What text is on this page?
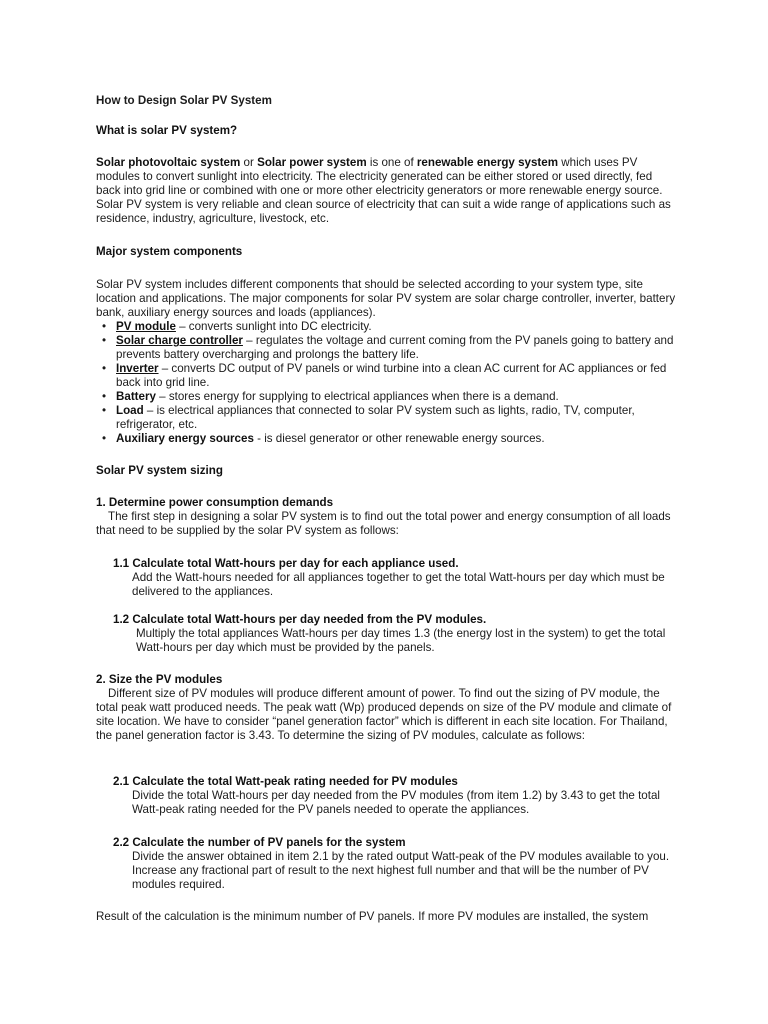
How to Design Solar PV System
What is solar PV system?

Solar photovoltaic system or Solar power system is one of renewable energy system which uses PV modules to convert sunlight into electricity. The electricity generated can be either stored or used directly, fed back into grid line or combined with one or more other electricity generators or more renewable energy source. Solar PV system is very reliable and clean source of electricity that can suit a wide range of applications such as residence, industry, agriculture, livestock, etc.

Major system components

Solar PV system includes different components that should be selected according to your system type, site location and applications. The major components for solar PV system are solar charge controller, inverter, battery bank, auxiliary energy sources and loads (appliances).

• PV module – converts sunlight into DC electricity.
• Solar charge controller – regulates the voltage and current coming from the PV panels going to battery and prevents battery overcharging and prolongs the battery life.
• Inverter – converts DC output of PV panels or wind turbine into a clean AC current for AC appliances or fed back into grid line.
• Battery – stores energy for supplying to electrical appliances when there is a demand.
• Load – is electrical appliances that connected to solar PV system such as lights, radio, TV, computer, refrigerator, etc.
• Auxiliary energy sources - is diesel generator or other renewable energy sources.
Solar PV system sizing
1. Determine power consumption demands

The first step in designing a solar PV system is to find out the total power and energy consumption of all loads that need to be supplied by the solar PV system as follows:

1.1 Calculate total Watt-hours per day for each appliance used.

Add the Watt-hours needed for all appliances together to get the total Watt-hours per day which must be delivered to the appliances.

1.2 Calculate total Watt-hours per day needed from the PV modules.

Multiply the total appliances Watt-hours per day times 1.3 (the energy lost in the system) to get the total Watt-hours per day which must be provided by the panels.

2. Size the PV modules

Different size of PV modules will produce different amount of power. To find out the sizing of PV module, the total peak watt produced needs. The peak watt (Wp) produced depends on size of the PV module and climate of site location. We have to consider “panel generation factor” which is different in each site location. For Thailand, the panel generation factor is 3.43. To determine the sizing of PV modules, calculate as follows:

2.1 Calculate the total Watt-peak rating needed for PV modules

Divide the total Watt-hours per day needed from the PV modules (from item 1.2) by 3.43 to get the total Watt-peak rating needed for the PV panels needed to operate the appliances.

2.2 Calculate the number of PV panels for the system

Divide the answer obtained in item 2.1 by the rated output Watt-peak of the PV modules available to you. Increase any fractional part of result to the next highest full number and that will be the number of PV modules required.

Result of the calculation is the minimum number of PV panels. If more PV modules are installed, the system
